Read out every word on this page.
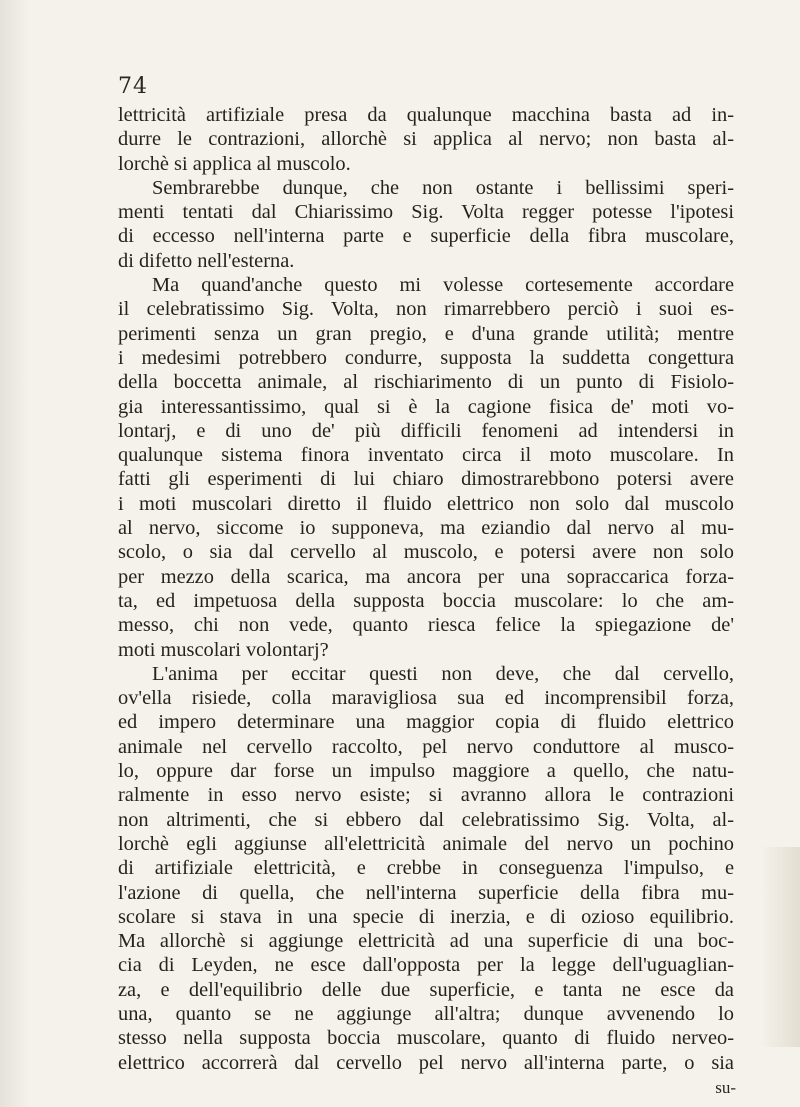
74
lettricità artifiziale presa da qualunque macchina basta ad in-
durre le contrazioni, allorchè si applica al nervo; non basta al-
lorchè si applica al muscolo.
Sembrarebbe dunque, che non ostante i bellissimi speri-
menti tentati dal Chiarissimo Sig. Volta regger potesse l'ipotesi
di eccesso nell'interna parte e superficie della fibra muscolare,
di difetto nell'esterna.
Ma quand'anche questo mi volesse cortesemente accordare
il celebratissimo Sig. Volta, non rimarrebbero perciò i suoi es-
perimenti senza un gran pregio, e d'una grande utilità; mentre
i medesimi potrebbero condurre, supposta la suddetta congettura
della boccetta animale, al rischiarimento di un punto di Fisiolo-
gia interessantissimo, qual si è la cagione fisica de' moti vo-
lontarj, e di uno de' più difficili fenomeni ad intendersi in
qualunque sistema finora inventato circa il moto muscolare. In
fatti gli esperimenti di lui chiaro dimostrarebbono potersi avere
i moti muscolari diretto il fluido elettrico non solo dal muscolo
al nervo, siccome io supponeva, ma eziandio dal nervo al mu-
scolo, o sia dal cervello al muscolo, e potersi avere non solo
per mezzo della scarica, ma ancora per una sopraccarica forza-
ta, ed impetuosa della supposta boccia muscolare: lo che am-
messo, chi non vede, quanto riesca felice la spiegazione de'
moti muscolari volontarj?
L'anima per eccitar questi non deve, che dal cervello,
ov'ella risiede, colla maravigliosa sua ed incomprensibil forza,
ed impero determinare una maggior copia di fluido elettrico
animale nel cervello raccolto, pel nervo conduttore al musco-
lo, oppure dar forse un impulso maggiore a quello, che natu-
ralmente in esso nervo esiste; si avranno allora le contrazioni
non altrimenti, che si ebbero dal celebratissimo Sig. Volta, al-
lorchè egli aggiunse all'elettricità animale del nervo un pochino
di artifiziale elettricità, e crebbe in conseguenza l'impulso, e
l'azione di quella, che nell'interna superficie della fibra mu-
scolare si stava in una specie di inerzia, e di ozioso equilibrio.
Ma allorchè si aggiunge elettricità ad una superficie di una boc-
cia di Leyden, ne esce dall'opposta per la legge dell'uguaglian-
za, e dell'equilibrio delle due superficie, e tanta ne esce da
una, quanto se ne aggiunge all'altra; dunque avvenendo lo
stesso nella supposta boccia muscolare, quanto di fluido nerveo-
elettrico accorrerà dal cervello pel nervo all'interna parte, o sia
su-
